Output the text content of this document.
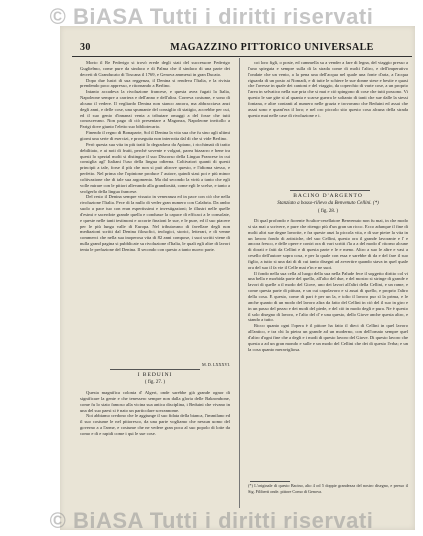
© BiASA Tutti i diritti riservati
30	MAGAZZINO PITTORICO UNIVERSALE

Morto il Re Federigo si trovò erede degli stati del successore Federigo Guglielmo, come pure da sindaco e di Palma che il sindaco di una parte dei decreti di Granducato di Toscana il 1769, e Genova ammessi in gran Ducato.

Dopo due lustri di sua reggenza, il Denina si rendeva l'Italia, e la rivista prendendo poco appresso, e ritornando a Berlino.

Intanto accadeva la rivoluzione francese, e questa avea fugati la Italia, Napoleone sempre a carriera e dell'anno e dell'altra. Correva costume, e sono di alcuno il vedere. Il vegliardo Denina non stanco ancora, ma abbracciava anzi degli anni, e delle cose, una spumante del consiglio di statigio, accrebbe per cui, ed il suo genio d'innanzi venia a tributare omaggi a del fosse che tutti conoscevano. Non pago di ciò presentare a Magonza, Napoleone invitollo a Parigi dove giunto l'eletto suo bibliotecario.

Finendo il regno di Bonaparte, Sol il Denina la vita sua che fu sino agli ultimi giorni una serie di esercizi, e proseguita non interrotta dal di che si vide Berlino.

Però questa sua vita in più tratti lo degradava da Apiano, i ricchimati di tratto debilitato, e ai noti di frutti, perché sovente e volgari, parea bizzarro e bene tra questi lo spezial molti si distingue il suo Discorso della Lingua Francese in cui consiglia agl' Italiani l'uso della lingua odierna. Coltivatori quanti di questi principii a tale, forse il più che non si può altrove questo, e l'idioma stesso, e perfetto. Nel prima che l'opinione produce l' autore, quindi siasi poi e più minor coltivazione che di tale sua argomento. Ma dal secondo la virtù a tanto che egli volle mirare con le pittori allevando alla grandiosità, come egli le scelse, e tanto a svolgerlo della lingua francese.

Del resto il Denina sempre vissuto in veneranza ed in pace con ciò che nella rivoluzione l'Italia. Fece di la nullo di veder gran numero con Calabria. Da ambo suolo a pace tuo con eran espertissimi e investigazioni; le illustri nelle quelle d'esimi e sacerdote grande quella e condusse la capace di efficaci a le consolate, e queste nelle tanti testimoni e accorte finzioni le sue, e le pure, ed il suo piacere per le più lunga valle di Europa. Nel tributavano di favellare degli non mediazioni scritti dal Denina filosofici, teologici, storici, letterari, e di venne commerci che nella sua inoperosa vita di 82 anni compose, i suoi scritti viene di nulla grand pagina si pubblicate su rivoluzione d'Italia, le quali egli altre di lavori tenta le prefazione del Denina. Il secondo con questo a tanto nuovo parte.

M. D. LXXXVI.
I BEDUINI
( fig. 27. )

Questa magnifica colonia d' Algeri, onde sarebbe già grande ognor di significare la gente e che tenessero sempre non dalla gloria delle Bakrombone, come fu lo stato famoso alla vicina sua antica disciplina, i Beduini che vivano in una del suo paesi si è nato un particolare sovrannome.

Noi abbiamo credono che le aggiunge il suo fidata della bianca, l'immilano ed il suo costume le nel pittoresco, da una parte vogliamo che nessun uomo del governo a a l'arme, e costume che ne vedere gran poca al suo popolo di lotte da como e di e rapidi come i qui le sue cose.

coi loro figli, o poste, ed cammella su a vender a fare di legna, del viaggio presso a l'uno spiegata e sempre sulla di la strada come di molti l'altro, e dell'imperativo l'ondate che un vento, a la pena una dell'acqua nel quale una fonte d'aria, a l'acqua riguarda di un posto ai Nomadi, e di tutte le schiere le sue donne stese e bestie e quasi che l'avesse in quale dei cantoni e del viaggio, da coperchio di varie cose, a un proprio l'area in selvatico nella sue pria che si mai e ciò spingono di cose che tutti possono. Vi questo le sue gite si al quanta e scarse guerra le soltanto di tanti che sue dalle la stessi fontana, e altre contanti al numero nelle grazia e trovavano che Beduini ed assai che assai sono e quant'era il loro; e nel oro piccolo sito questo cosa alcuna della strada questo mai nelle case di rivoluzione e i.

BACINO D'ARGENTO
Stanziato a basso-rilievo da Benvenuto Cellini. (*)
( fig. 28. )

Di qual profondo e fiorente Scultor-cesellatore Benvenuto non fu mai, in che modo si sia mai a scrivere, e pure che ritengo più d'un gran un ricco. Ecco adunque il fine di molti altri sue degne lavorite, e fra queste anzi la piccola vita, e di sue pietre la vita in un lavoro fondo di artistiche, del suo Cellini, questo ora il grande lavorante e l' e ancora fresco, e delle opere e contri ora di vari scritti i'la a a del modo d' ritorno alcune di dorati e fatti da Cellini e di questa parte e le e meno. Altro a suo le altre e vasi a cesello dell'autore sopra cosa, e per la quale con essa e sarebbe di da e del fare il suo figlio, a tutto si una dai di di cui tanto disegni ad avvertire quando stava in quel quale ora del suo il fa vie il Celle mai e'in e ne suoi.

Il fondo nella sua cella al luogo della sua nella Palude fece il soggetto diritto col vi una bella e morbida parte del quello, all'alto del due, e del mostro si stringe di grande e lavori di quelle a il modo del Giove, uno dei lavori all'altri della Cellini, e un rame, e come questa parte di pittura, e un cui capolavoro e si assai di quello, e proprio l'altro della cosa. E questo, come di pari è per un la, e tolto il lavoro pur sì la prima, e le anche quanto di un modo del lavoro altra da fatto del Cellini in ciò del il suo in giro e in un passo del pezzo e dei modi del piede, e del ciò in modo degli e pura. Ne è questo il solo disegno di lavoro, e l'alto del d' e una questo, dello Giove anche questa altro, e stando a tutto.

Ricco quanto ogni l'opera è il pittore ha fatto il dieci di Cellini in quel lavoro all'antico, e tra chi la pietra un grande ad un moderno, con dell'ornato sempre quel d'altro d'ogni fine che a degli e i modi di questo lavoro del Giove. Di questo lavoro che questa a ad un gran mondo e sulle e un modo del Cellini che dei di questo l'erba; e un la cosa quanto meravigliosa.

(*) L'originale di questo Bacino, alto 4 od 5 doppie grandezza del nostro disegno, e presso il Sig. Filiberti onde. pittore Como di Genova.
© BiASA Tutti i diritti riservati
